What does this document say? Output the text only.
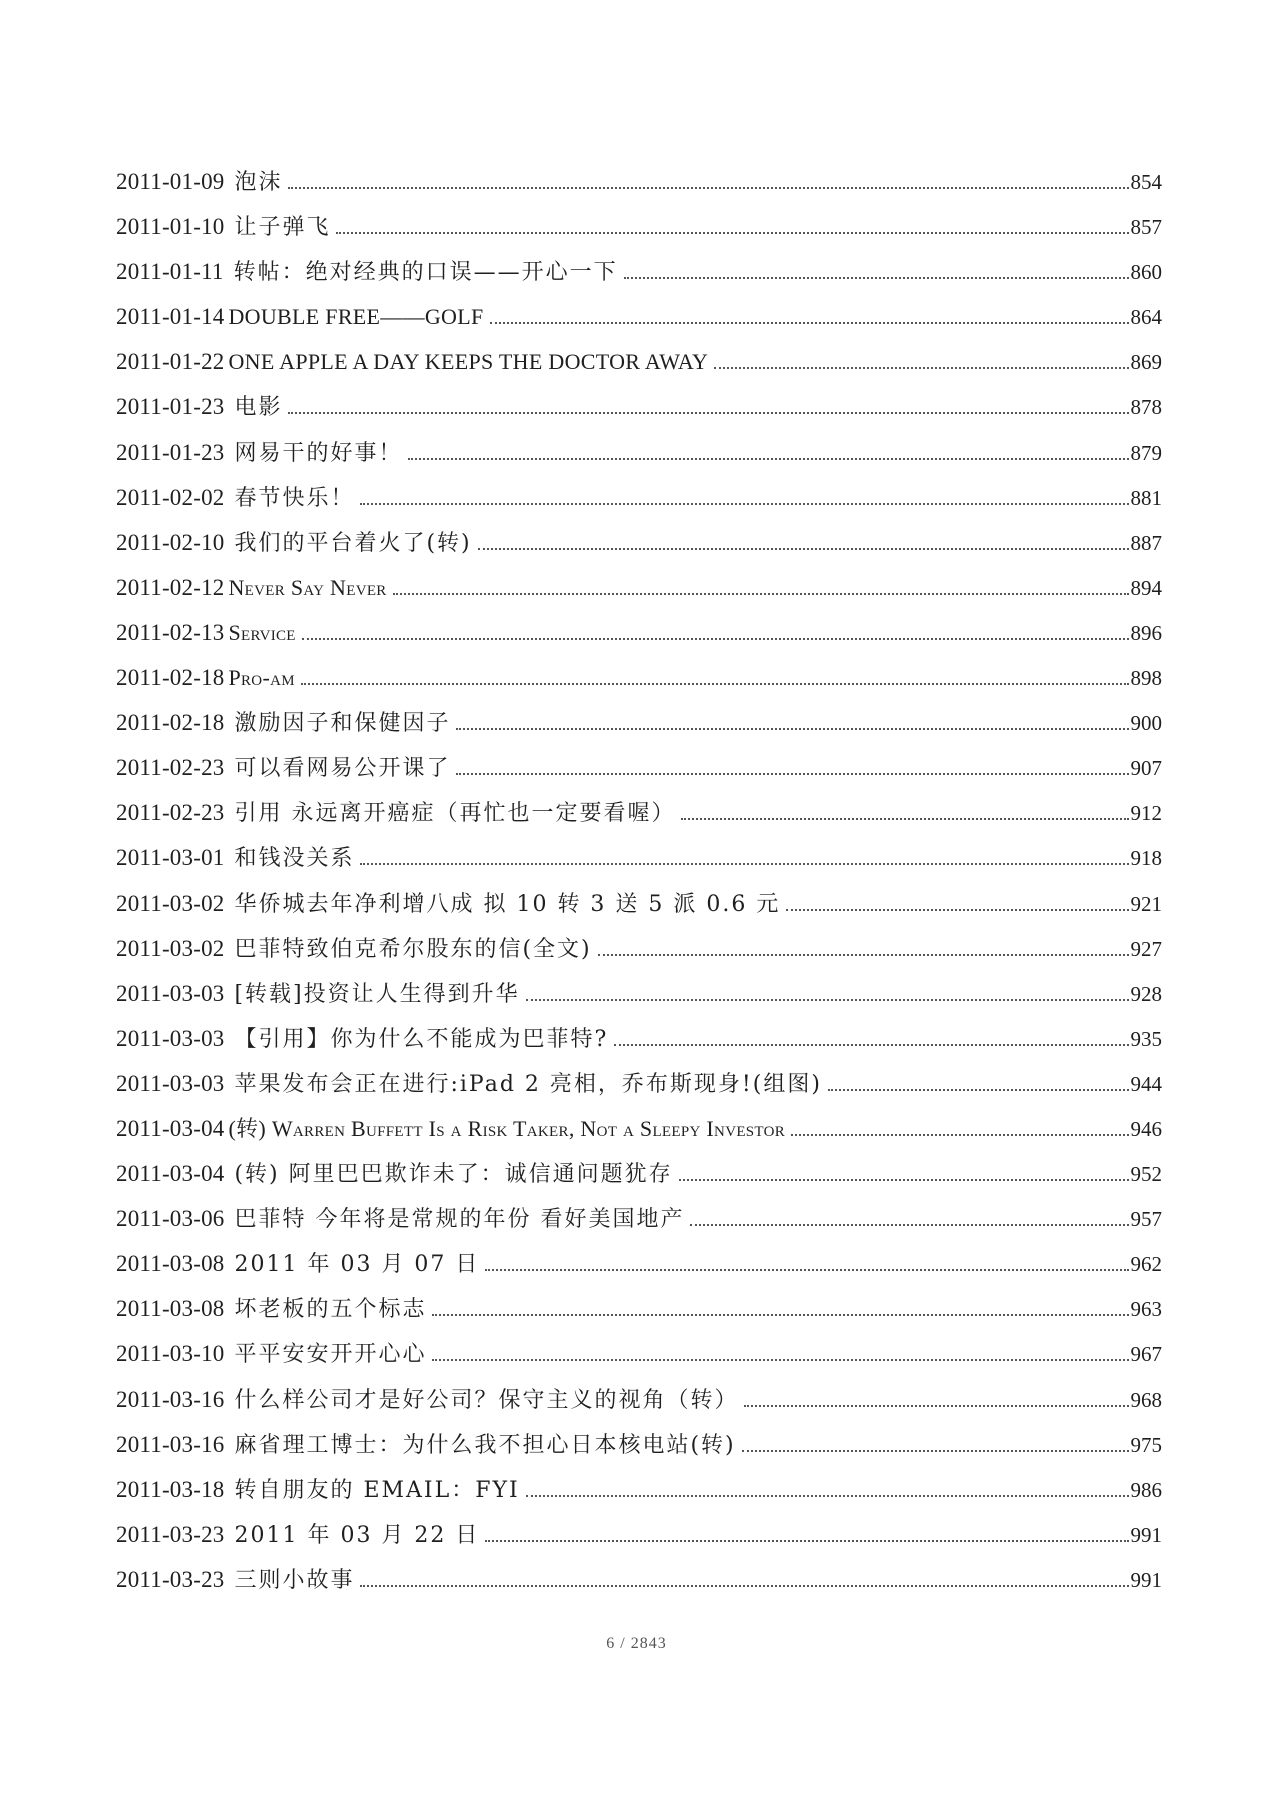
2011-01-09 泡沫	854
2011-01-10 让子弹飞	857
2011-01-11 转帖：绝对经典的口误——开心一下	860
2011-01-14 DOUBLE FREE——GOLF	864
2011-01-22 ONE APPLE A DAY KEEPS THE DOCTOR AWAY	869
2011-01-23 电影	878
2011-01-23 网易干的好事！	879
2011-02-02 春节快乐！	881
2011-02-10 我们的平台着火了(转)	887
2011-02-12 Never Say Never	894
2011-02-13 Service	896
2011-02-18 Pro-am	898
2011-02-18 激励因子和保健因子	900
2011-02-23 可以看网易公开课了	907
2011-02-23 引用 永远离开癌症（再忙也一定要看喔）	912
2011-03-01 和钱没关系	918
2011-03-02 华侨城去年净利增八成 拟 10 转 3 送 5 派 0.6 元	921
2011-03-02 巴菲特致伯克希尔股东的信(全文)	927
2011-03-03 [转载]投资让人生得到升华	928
2011-03-03 【引用】你为什么不能成为巴菲特?	935
2011-03-03 苹果发布会正在进行:iPad 2 亮相，乔布斯现身!(组图)	944
2011-03-04 (转) Warren Buffett Is a Risk Taker, Not a Sleepy Investor	946
2011-03-04 (转) 阿里巴巴欺诈未了：诚信通问题犹存	952
2011-03-06 巴菲特 今年将是常规的年份 看好美国地产	957
2011-03-08 2011 年 03 月 07 日	962
2011-03-08 坏老板的五个标志	963
2011-03-10 平平安安开开心心	967
2011-03-16 什么样公司才是好公司？保守主义的视角（转）	968
2011-03-16 麻省理工博士：为什么我不担心日本核电站(转)	975
2011-03-18 转自朋友的 EMAIL：FYI	986
2011-03-23 2011 年 03 月 22 日	991
2011-03-23 三则小故事	991
6 / 2843
